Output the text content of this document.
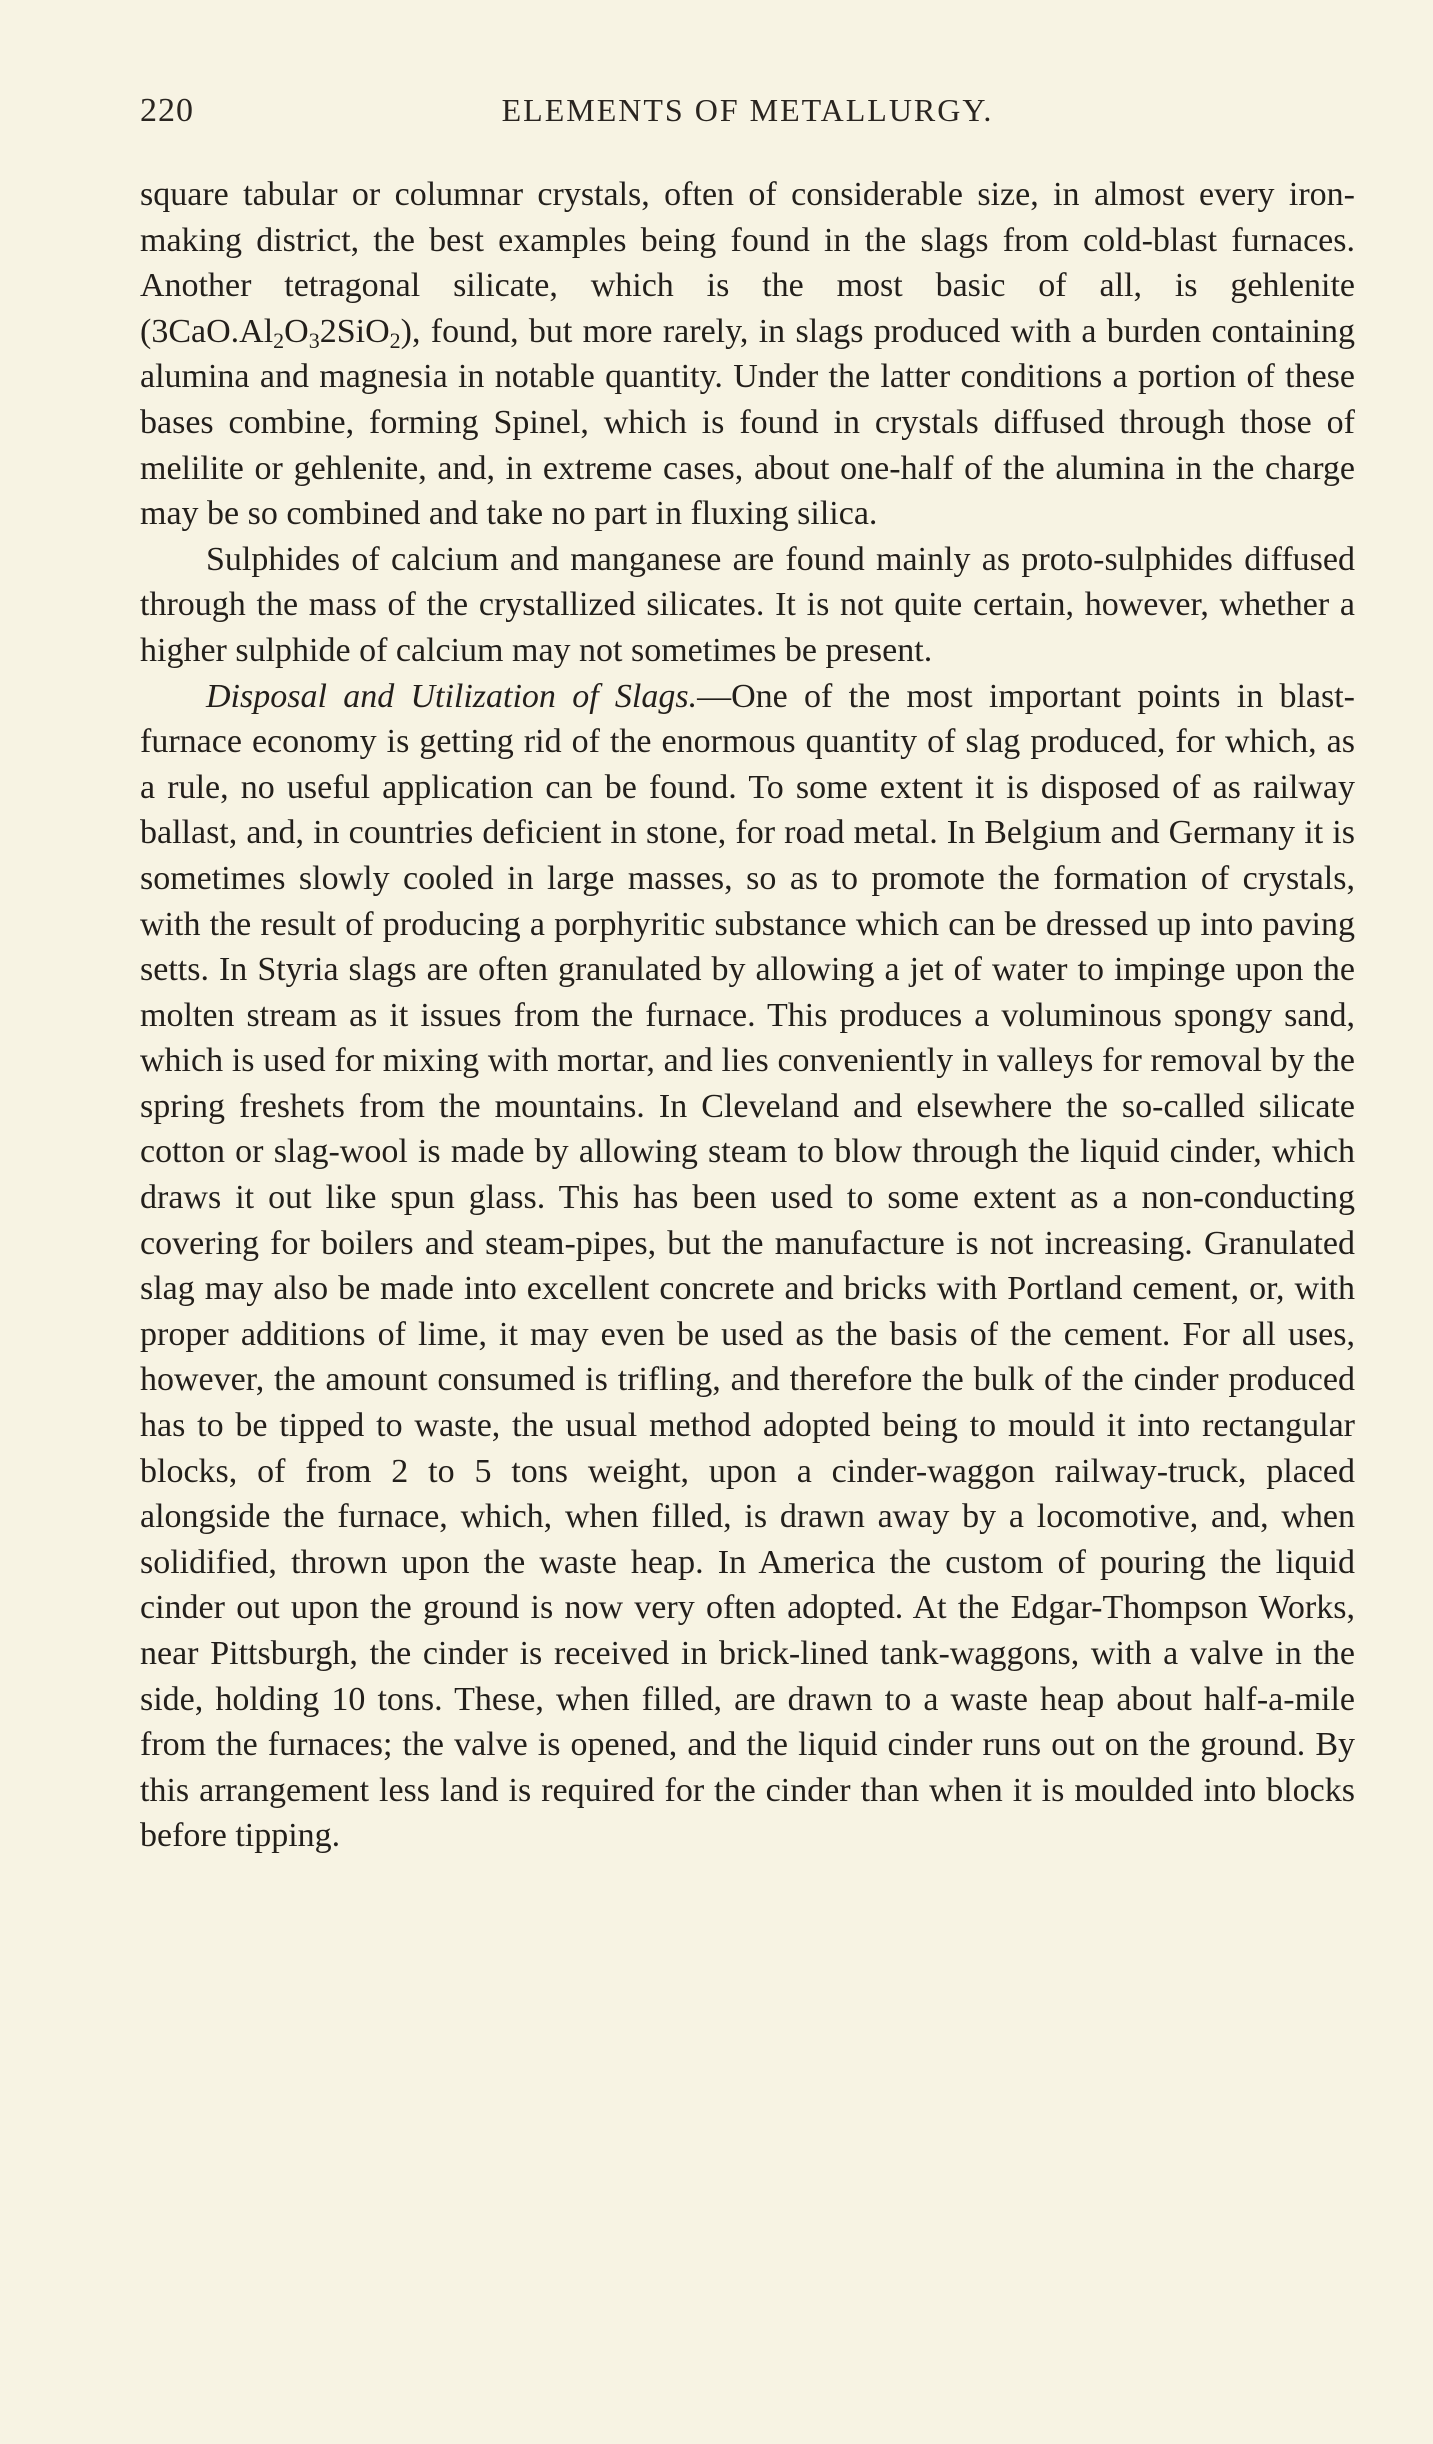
220	ELEMENTS OF METALLURGY.

square tabular or columnar crystals, often of considerable size, in almost every iron-making district, the best examples being found in the slags from cold-blast furnaces. Another tetragonal silicate, which is the most basic of all, is gehlenite $(3CaO.Al_2O_32SiO_2)$, found, but more rarely, in slags produced with a burden containing alumina and magnesia in notable quantity. Under the latter conditions a portion of these bases combine, forming Spinel, which is found in crystals diffused through those of melilite or gehlenite, and, in extreme cases, about one-half of the alumina in the charge may be so combined and take no part in fluxing silica.

Sulphides of calcium and manganese are found mainly as proto-sulphides diffused through the mass of the crystallized silicates. It is not quite certain, however, whether a higher sulphide of calcium may not sometimes be present.

Disposal and Utilization of Slags.—One of the most important points in blast-furnace economy is getting rid of the enormous quantity of slag produced, for which, as a rule, no useful application can be found. To some extent it is disposed of as railway ballast, and, in countries deficient in stone, for road metal. In Belgium and Germany it is sometimes slowly cooled in large masses, so as to promote the formation of crystals, with the result of producing a porphyritic substance which can be dressed up into paving setts. In Styria slags are often granulated by allowing a jet of water to impinge upon the molten stream as it issues from the furnace. This produces a voluminous spongy sand, which is used for mixing with mortar, and lies conveniently in valleys for removal by the spring freshets from the mountains. In Cleveland and elsewhere the so-called silicate cotton or slag-wool is made by allowing steam to blow through the liquid cinder, which draws it out like spun glass. This has been used to some extent as a non-conducting covering for boilers and steam-pipes, but the manufacture is not increasing. Granulated slag may also be made into excellent concrete and bricks with Portland cement, or, with proper additions of lime, it may even be used as the basis of the cement. For all uses, however, the amount consumed is trifling, and therefore the bulk of the cinder produced has to be tipped to waste, the usual method adopted being to mould it into rectangular blocks, of from 2 to 5 tons weight, upon a cinder-waggon railway-truck, placed alongside the furnace, which, when filled, is drawn away by a locomotive, and, when solidified, thrown upon the waste heap. In America the custom of pouring the liquid cinder out upon the ground is now very often adopted. At the Edgar-Thompson Works, near Pittsburgh, the cinder is received in brick-lined tank-waggons, with a valve in the side, holding 10 tons. These, when filled, are drawn to a waste heap about half-a-mile from the furnaces; the valve is opened, and the liquid cinder runs out on the ground. By this arrangement less land is required for the cinder than when it is moulded into blocks before tipping.
